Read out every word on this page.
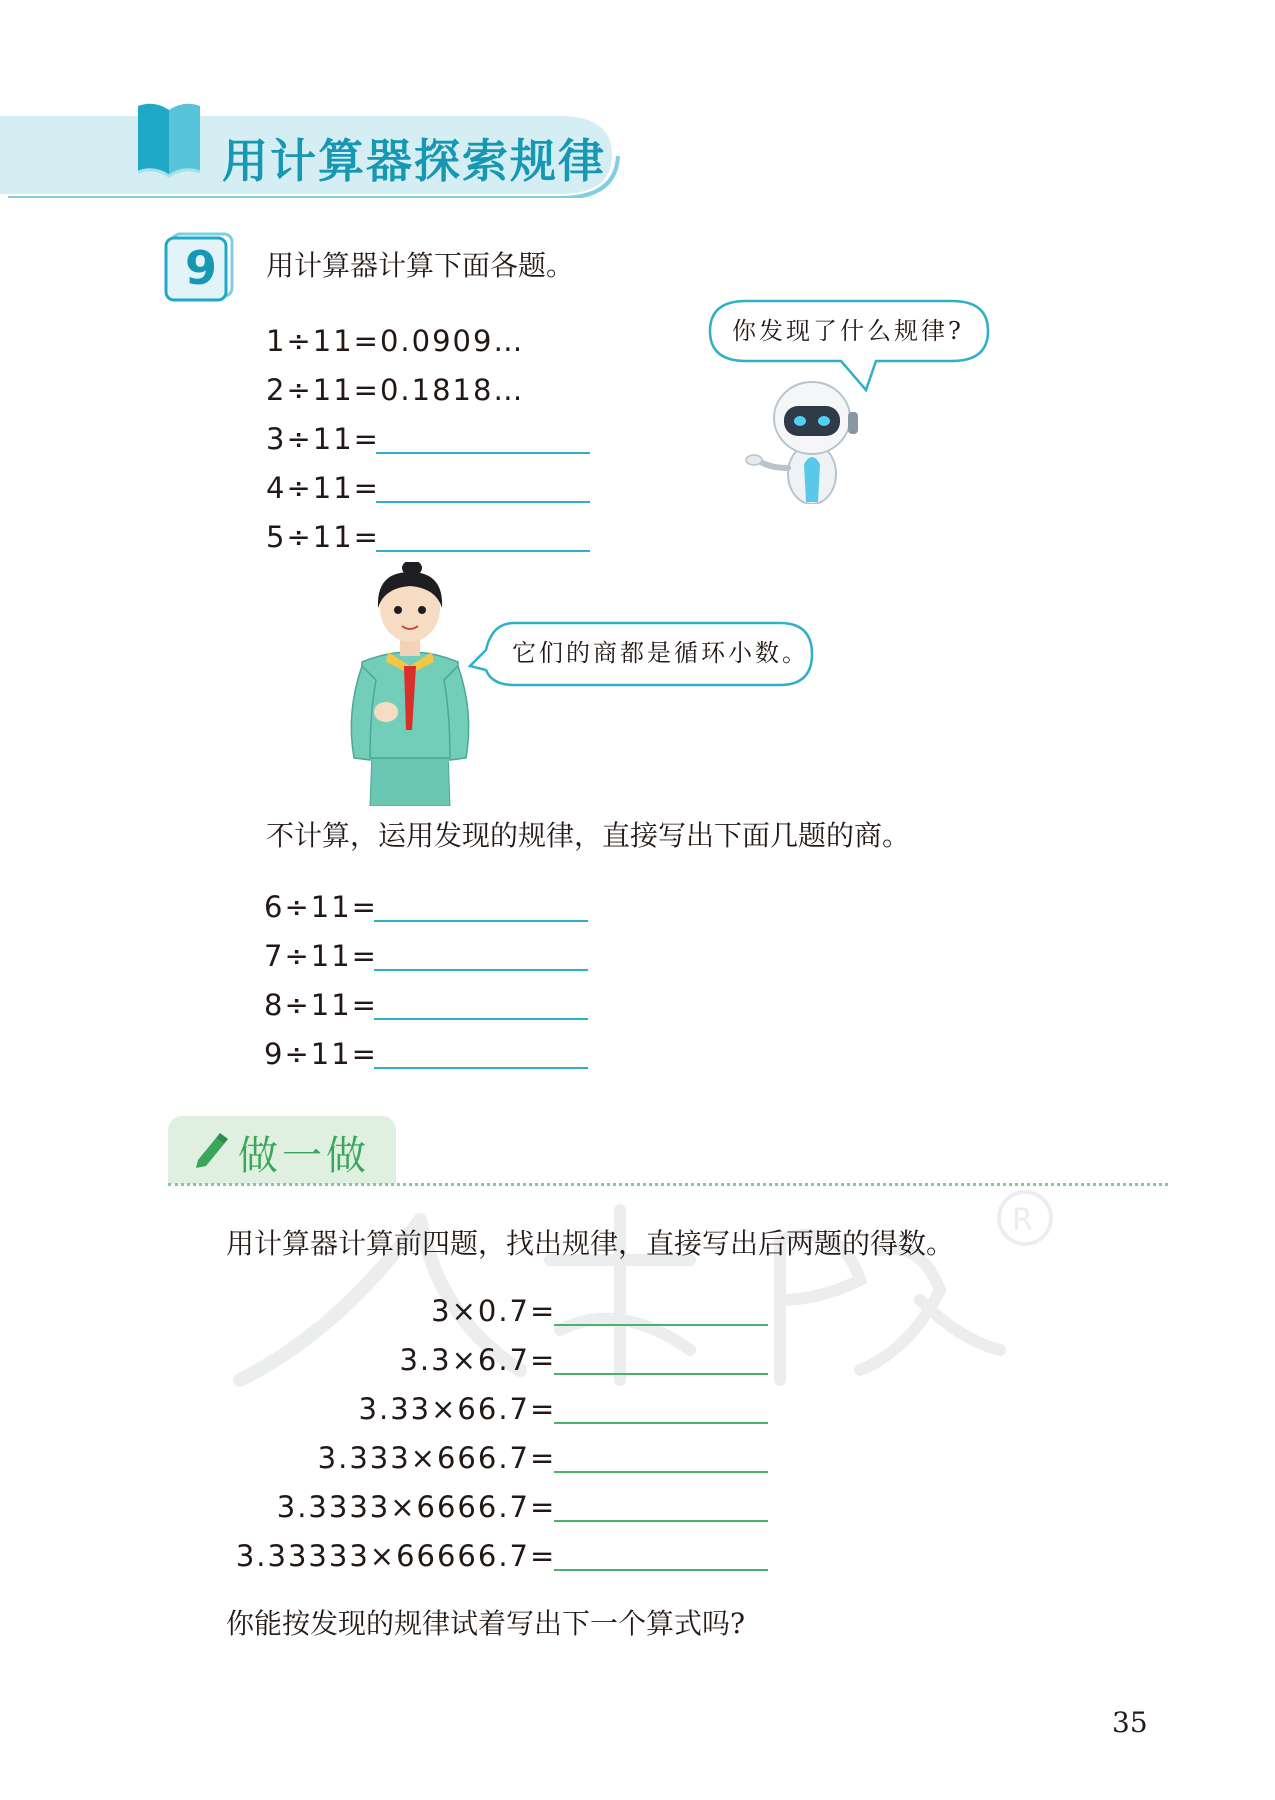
用计算器探索规律
9	用计算器计算下面各题。
1÷11=0.0909…
2÷11=0.1818…
3÷11=
4÷11=
5÷11=
你发现了什么规律?
它们的商都是循环小数。
不计算，运用发现的规律，直接写出下面几题的商。
6÷11=
7÷11=
8÷11=
9÷11=
做一做
R
用计算器计算前四题，找出规律，直接写出后两题的得数。
3×0.7 =
3.3×6.7 =
3.33×66.7 =
3.333×666.7 =
3.3333×6666.7 =
3.33333×66666.7 =
你能按发现的规律试着写出下一个算式吗?
35
